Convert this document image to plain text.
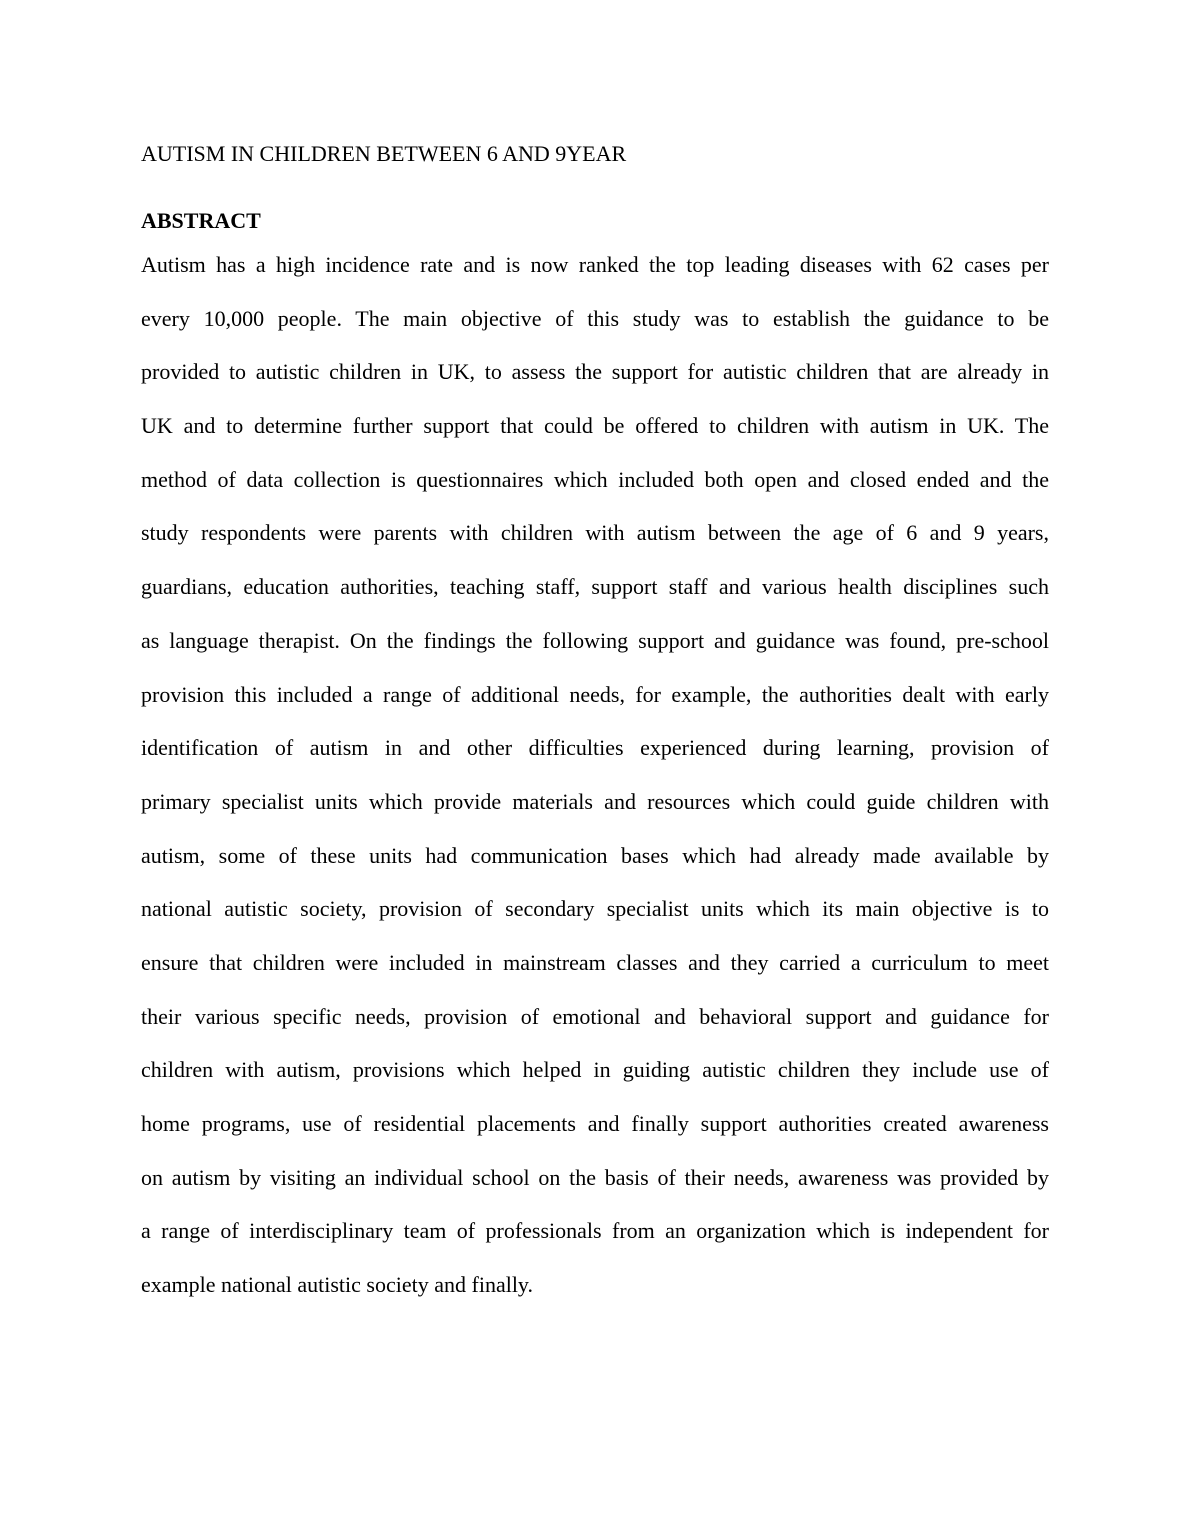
AUTISM IN CHILDREN BETWEEN 6 AND 9YEAR
ABSTRACT
Autism has a high incidence rate and is now ranked the top leading diseases with 62 cases per
every 10,000 people. The main objective of this study was to establish the guidance to be
provided to autistic children in UK, to assess the support for autistic children that are already in
UK and to determine further support that could be offered to children with autism in UK. The
method of data collection is questionnaires which included both open and closed ended and the
study respondents were parents with children with autism between the age of 6 and 9 years,
guardians, education authorities, teaching staff, support staff and various health disciplines such
as language therapist. On the findings the following support and guidance was found, pre-school
provision this included a range of additional needs, for example, the authorities dealt with early
identification of autism in and other difficulties experienced during learning, provision of
primary specialist units which provide materials and resources which could guide children with
autism, some of these units had communication bases which had already made available by
national autistic society, provision of secondary specialist units which its main objective is to
ensure that children were included in mainstream classes and they carried a curriculum to meet
their various specific needs, provision of emotional and behavioral support and guidance for
children with autism, provisions which helped in guiding autistic children they include use of
home programs, use of residential placements and finally support authorities created awareness
on autism by visiting an individual school on the basis of their needs, awareness was provided by
a range of interdisciplinary team of professionals from an organization which is independent for
example national autistic society and finally.
